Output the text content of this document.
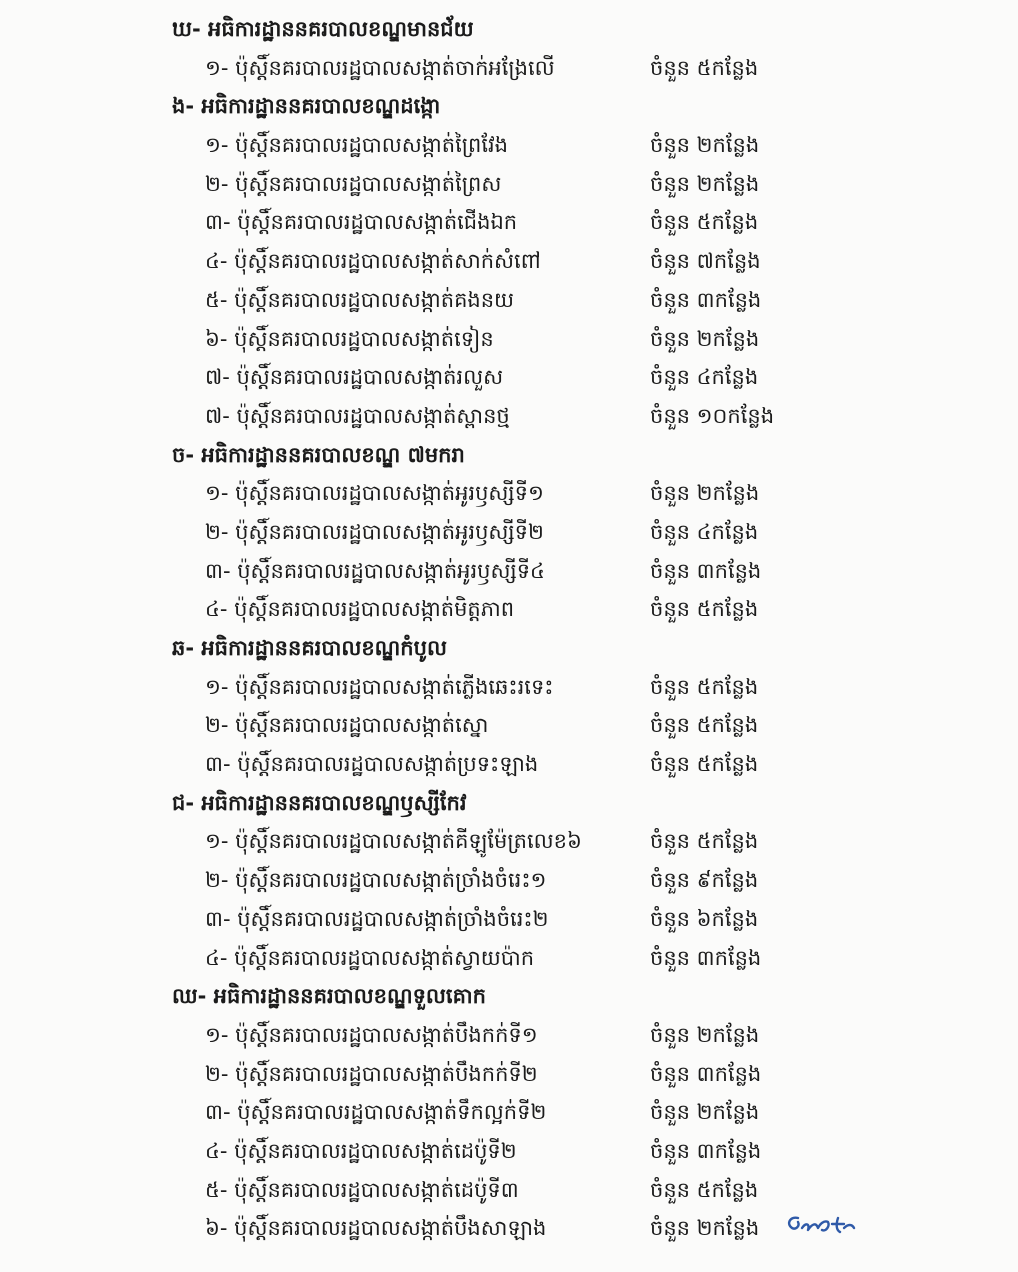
ឃ- អធិការដ្ឋាននគរបាលខណ្ឌមានជ័យ
១- ប៉ុស្តិ៍នគរបាលរដ្ឋបាលសង្កាត់ចាក់អង្រែលើ	ចំនួន ៥កន្លែង
ង- អធិការដ្ឋាននគរបាលខណ្ឌដង្កោ
១- ប៉ុស្តិ៍នគរបាលរដ្ឋបាលសង្កាត់ព្រៃវែង	ចំនួន ២កន្លែង
២- ប៉ុស្តិ៍នគរបាលរដ្ឋបាលសង្កាត់ព្រៃស	ចំនួន ២កន្លែង
៣- ប៉ុស្តិ៍នគរបាលរដ្ឋបាលសង្កាត់ជើងឯក	ចំនួន ៥កន្លែង
៤- ប៉ុស្តិ៍នគរបាលរដ្ឋបាលសង្កាត់សាក់សំពៅ	ចំនួន ៧កន្លែង
៥- ប៉ុស្តិ៍នគរបាលរដ្ឋបាលសង្កាត់គងនយ	ចំនួន ៣កន្លែង
៦- ប៉ុស្តិ៍នគរបាលរដ្ឋបាលសង្កាត់ទៀន	ចំនួន ២កន្លែង
៧- ប៉ុស្តិ៍នគរបាលរដ្ឋបាលសង្កាត់រលួស	ចំនួន ៤កន្លែង
៧- ប៉ុស្តិ៍នគរបាលរដ្ឋបាលសង្កាត់ស្ពានថ្ម	ចំនួន ១០កន្លែង
ច- អធិការដ្ឋាននគរបាលខណ្ឌ ៧មករា
១- ប៉ុស្តិ៍នគរបាលរដ្ឋបាលសង្កាត់អូរឫស្សីទី១	ចំនួន ២កន្លែង
២- ប៉ុស្តិ៍នគរបាលរដ្ឋបាលសង្កាត់អូរឫស្សីទី២	ចំនួន ៤កន្លែង
៣- ប៉ុស្តិ៍នគរបាលរដ្ឋបាលសង្កាត់អូរឫស្សីទី៤	ចំនួន ៣កន្លែង
៤- ប៉ុស្តិ៍នគរបាលរដ្ឋបាលសង្កាត់មិត្តភាព	ចំនួន ៥កន្លែង
ឆ- អធិការដ្ឋាននគរបាលខណ្ឌកំបូល
១- ប៉ុស្តិ៍នគរបាលរដ្ឋបាលសង្កាត់ភ្លើងឆេះរទេះ	ចំនួន ៥កន្លែង
២- ប៉ុស្តិ៍នគរបាលរដ្ឋបាលសង្កាត់ស្នោ	ចំនួន ៥កន្លែង
៣- ប៉ុស្តិ៍នគរបាលរដ្ឋបាលសង្កាត់ប្រទះឡាង	ចំនួន ៥កន្លែង
ជ- អធិការដ្ឋាននគរបាលខណ្ឌឫស្សីកែវ
១- ប៉ុស្តិ៍នគរបាលរដ្ឋបាលសង្កាត់គីឡូម៉ែត្រលេខ៦	ចំនួន ៥កន្លែង
២- ប៉ុស្តិ៍នគរបាលរដ្ឋបាលសង្កាត់ច្រាំងចំរេះ១	ចំនួន ៩កន្លែង
៣- ប៉ុស្តិ៍នគរបាលរដ្ឋបាលសង្កាត់ច្រាំងចំរេះ២	ចំនួន ៦កន្លែង
៤- ប៉ុស្តិ៍នគរបាលរដ្ឋបាលសង្កាត់ស្វាយប៉ាក	ចំនួន ៣កន្លែង
ឈ- អធិការដ្ឋាននគរបាលខណ្ឌទួលគោក
១- ប៉ុស្តិ៍នគរបាលរដ្ឋបាលសង្កាត់បឹងកក់ទី១	ចំនួន ២កន្លែង
២- ប៉ុស្តិ៍នគរបាលរដ្ឋបាលសង្កាត់បឹងកក់ទី២	ចំនួន ៣កន្លែង
៣- ប៉ុស្តិ៍នគរបាលរដ្ឋបាលសង្កាត់ទឹកល្អក់ទី២	ចំនួន ២កន្លែង
៤- ប៉ុស្តិ៍នគរបាលរដ្ឋបាលសង្កាត់ដេប៉ូទី២	ចំនួន ៣កន្លែង
៥- ប៉ុស្តិ៍នគរបាលរដ្ឋបាលសង្កាត់ដេប៉ូទី៣	ចំនួន ៥កន្លែង
៦- ប៉ុស្តិ៍នគរបាលរដ្ឋបាលសង្កាត់បឹងសាឡាង	ចំនួន ២កន្លែង
